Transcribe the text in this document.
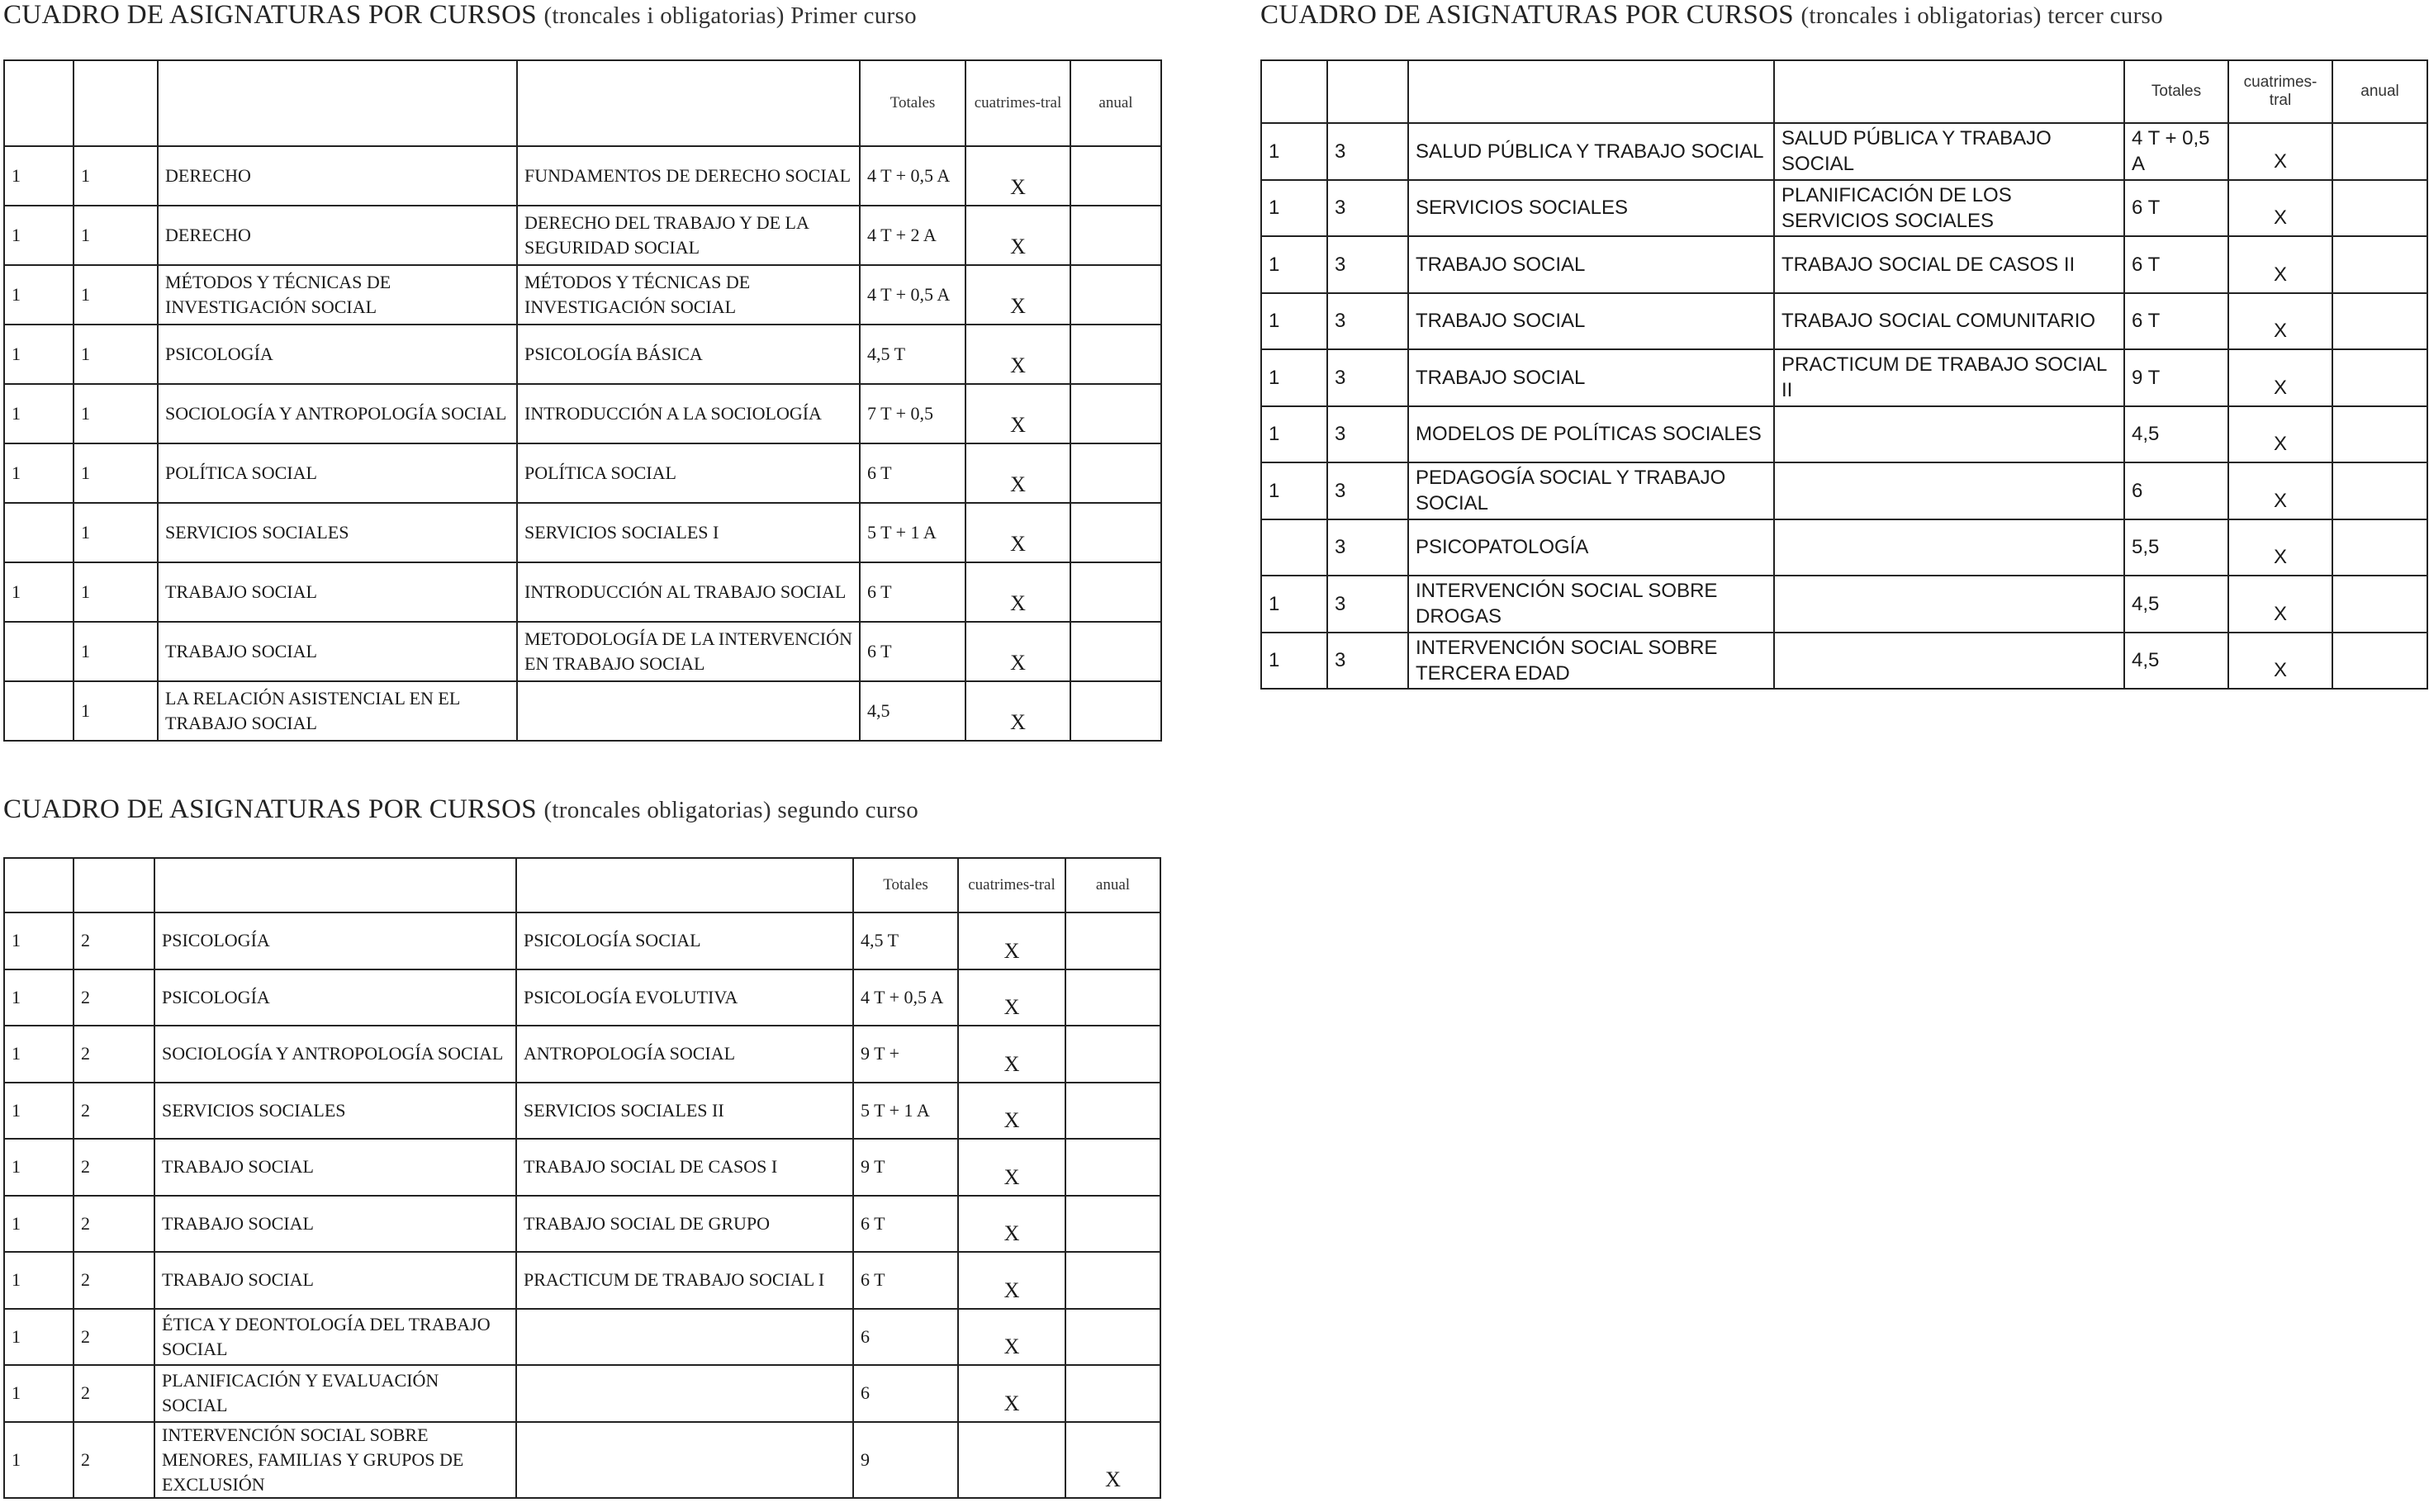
CUADRO DE ASIGNATURAS POR CURSOS (troncales i obligatorias) Primer curso
				Totales	cuatrimes-tral	anual
1	1	DERECHO	FUNDAMENTOS DE DERECHO SOCIAL	4 T + 0,5 A	X	
1	1	DERECHO	DERECHO DEL TRABAJO Y DE LA SEGURIDAD SOCIAL	4 T + 2 A	X	
1	1	MÉTODOS Y TÉCNICAS DE INVESTIGACIÓN SOCIAL	MÉTODOS Y TÉCNICAS DE INVESTIGACIÓN SOCIAL	4 T + 0,5 A	X	
1	1	PSICOLOGÍA	PSICOLOGÍA BÁSICA	4,5 T	X	
1	1	SOCIOLOGÍA Y ANTROPOLOGÍA SOCIAL	INTRODUCCIÓN A LA SOCIOLOGÍA	7 T + 0,5	X	
1	1	POLÍTICA SOCIAL	POLÍTICA SOCIAL	6 T	X	
	1	SERVICIOS SOCIALES	SERVICIOS SOCIALES I	5 T + 1 A	X	
1	1	TRABAJO SOCIAL	INTRODUCCIÓN AL TRABAJO SOCIAL	6 T	X	
	1	TRABAJO SOCIAL	METODOLOGÍA DE LA INTERVENCIÓN EN TRABAJO SOCIAL	6 T	X	
	1	LA RELACIÓN ASISTENCIAL EN EL TRABAJO SOCIAL		4,5	X	
CUADRO DE ASIGNATURAS POR CURSOS (troncales obligatorias) segundo curso
				Totales	cuatrimes-tral	anual
1	2	PSICOLOGÍA	PSICOLOGÍA SOCIAL	4,5 T	X	
1	2	PSICOLOGÍA	PSICOLOGÍA EVOLUTIVA	4 T + 0,5 A	X	
1	2	SOCIOLOGÍA Y ANTROPOLOGÍA SOCIAL	ANTROPOLOGÍA SOCIAL	9 T +	X	
1	2	SERVICIOS SOCIALES	SERVICIOS SOCIALES II	5 T + 1 A	X	
1	2	TRABAJO SOCIAL	TRABAJO SOCIAL DE CASOS I	9 T	X	
1	2	TRABAJO SOCIAL	TRABAJO SOCIAL DE GRUPO	6 T	X	
1	2	TRABAJO SOCIAL	PRACTICUM DE TRABAJO SOCIAL I	6 T	X	
1	2	ÉTICA Y DEONTOLOGÍA DEL TRABAJO SOCIAL		6	X	
1	2	PLANIFICACIÓN Y EVALUACIÓN SOCIAL		6	X	
1	2	INTERVENCIÓN SOCIAL SOBRE MENORES, FAMILIAS Y GRUPOS DE EXCLUSIÓN		9		X
CUADRO DE ASIGNATURAS POR CURSOS (troncales i obligatorias) tercer curso
				Totales	cuatrimes-tral	anual
1	3	SALUD PÚBLICA Y TRABAJO SOCIAL	SALUD PÚBLICA Y TRABAJO SOCIAL	4 T + 0,5 A	X	
1	3	SERVICIOS SOCIALES	PLANIFICACIÓN DE LOS SERVICIOS SOCIALES	6 T	X	
1	3	TRABAJO SOCIAL	TRABAJO SOCIAL DE CASOS II	6 T	X	
1	3	TRABAJO SOCIAL	TRABAJO SOCIAL COMUNITARIO	6 T	X	
1	3	TRABAJO SOCIAL	PRACTICUM DE TRABAJO SOCIAL II	9 T	X	
1	3	MODELOS DE POLÍTICAS SOCIALES		4,5	X	
1	3	PEDAGOGÍA SOCIAL Y TRABAJO SOCIAL		6	X	
	3	PSICOPATOLOGÍA		5,5	X	
1	3	INTERVENCIÓN SOCIAL SOBRE DROGAS		4,5	X	
1	3	INTERVENCIÓN SOCIAL SOBRE TERCERA EDAD		4,5	X	
